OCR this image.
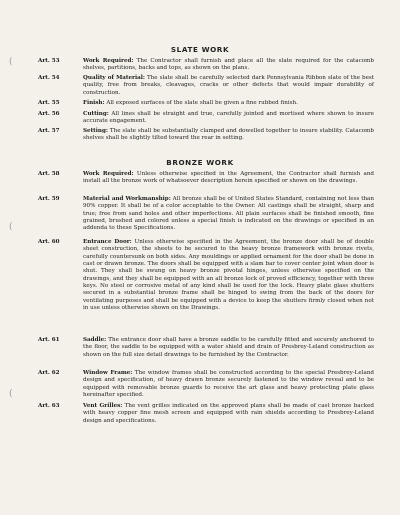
(
(
(
SLATE WORK
Art. 53	Work Required: The Contractor shall furnish and place all the slate required for the catacomb shelves, partitions, backs and tops, as shown on the plans.
Art. 54	Quality of Material: The slate shall be carefully selected dark Pennsylvania Ribbon slate of the best quality, free from breaks, cleavages, cracks or other defects that would impair durability of construction.
Art. 55	Finish: All exposed surfaces of the slate shall be given a fine rubbed finish.
Art. 56	Cutting: All lines shall be straight and true, carefully jointed and mortised where shown to insure accurate engagement.
Art. 57	Setting: The slate shall be substantially clamped and dowelled together to insure stability. Catacomb shelves shall be slightly tilted toward the rear in setting.
BRONZE WORK
Art. 58	Work Required: Unless otherwise specified in the Agreement, the Contractor shall furnish and install all the bronze work of whatsoever description herein specified or shown on the drawings.
Art. 59	Material and Workmanship: All bronze shall be of United States Standard, containing not less than 90% copper. It shall be of a color acceptable to the Owner. All castings shall be straight, sharp and true; free from sand holes and other imperfections. All plain surfaces shall be finished smooth, fine grained, brushed and colored unless a special finish is indicated on the drawings or specified in an addenda to these Specifications.
Art. 60	Entrance Door: Unless otherwise specified in the Agreement, the bronze door shall be of double sheet construction, the sheets to be secured to the heavy bronze framework with bronze rivets, carefully countersunk on both sides. Any mouldings or applied ornament for the door shall be done in cast or drawn bronze. The doors shall be equipped with a slam bar to cover center joint when door is shut. They shall be swung on heavy bronze pivotal hinges, unless otherwise specified on the drawings, and they shall be equipped with an all bronze lock of proved efficiency, together with three keys. No steel or corrosive metal of any kind shall be used for the lock. Heavy plate glass shutters secured in a substantial bronze frame shall be hinged to swing from the back of the doors for ventilating purposes and shall be equipped with a device to keep the shutters firmly closed when not in use unless otherwise shown on the Drawings.
Art. 61	Saddle: The entrance door shall have a bronze saddle to be carefully fitted and securely anchored to the floor, the saddle to be equipped with a water shield and drain of Presbrey-Leland construction as shown on the full size detail drawings to be furnished by the Contractor.
Art. 62	Window Frame: The window frames shall be constructed according to the special Presbrey-Leland design and specification, of heavy drawn bronze securely fastened to the window reveal and to be equipped with removable bronze guards to receive the art glass and heavy protecting plate glass hereinafter specified.
Art. 63	Vent Grilles: The vent grilles indicated on the approved plans shall be made of cast bronze backed with heavy copper fine mesh screen and equipped with rain shields according to Presbrey-Leland design and specifications.
